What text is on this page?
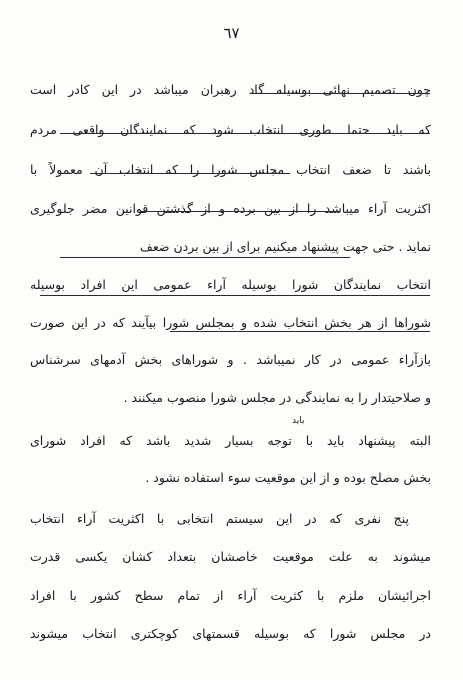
٦٧
چون تصمیم نهائی بوسیله گاد رهبران میباشد در این کادر است
که باید حتما طوری انتخاب شود که نمایندگان واقعی مردم
باشند تا ضعف انتخاب مجلس شورا را که انتخاب آن معمولاً با
اکثریت آراء میباشد را از بین برده و از گذشتن قوانین مضر جلوگیری
نماید . حتی جهت پیشنهاد میکنیم برای از بین بردن ضعف
انتخاب نمایندگان شورا بوسیله آراء عمومی این افراد بوسیله
شوراها از هر بخش انتخاب شده و بمجلس شورا بیآیند که در این صورت
بازآراء عمومی در کار نمیباشد . و شوراهای بخش آدمهای سرشناس
و صلاحیتدار را به نمایندگی در مجلس شورا منصوب میکنند .
البته پیشنهاد باید با توجه بسیار شدید باشد که افراد شورای
بخش مصلح بوده و از این موقعیت سوء استفاده نشود .
پنج نفری که در این سیستم انتخابی با اکثریت آراء انتخاب
میشوند به علت موقعیت خاصشان بتعداد کشان یکسی قدرت
اجرائیشان ملزم با کثریت آراء از تمام سطح کشور با افراد
در مجلس شورا که بوسیله قسمتهای کوچکتری انتخاب میشوند
باید
